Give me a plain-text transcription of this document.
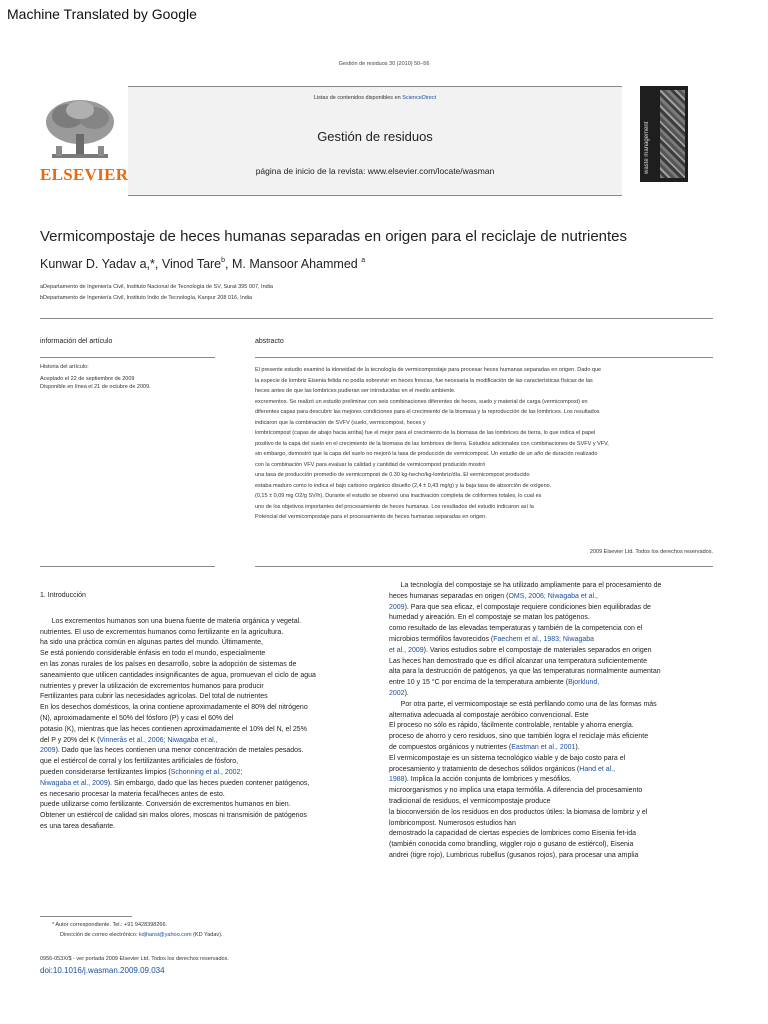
Machine Translated by Google
Gestión de residuos 30 (2010) 50–56
Listas de contenidos disponibles en ScienceDirect
Gestión de residuos
página de inicio de la revista: www.elsevier.com/locate/wasman
ELSEVIER
waste management
Vermicompostaje de heces humanas separadas en origen para el reciclaje de nutrientes
Kunwar D. Yadav a,*, Vinod Tare$^b$, M. Mansoor Ahammed $^a$
aDepartamento de Ingeniería Civil, Instituto Nacional de Tecnología de SV, Surat 395 007, India
bDepartamento de Ingeniería Civil, Instituto Indio de Tecnología, Kanpur 208 016, India
información del artículo	abstracto
Historia del artículo:
Aceptado el 22 de septiembre de 2009
Disponible en línea el 21 de octubre de 2009.
El presente estudio examinó la idoneidad de la tecnología de vermicompostaje para procesar heces humanas separadas en origen. Dado que
la especie de lombriz Eisenia fetida no podía sobrevivir en heces frescas, fue necesaria la modificación de las características físicas de las
heces antes de que las lombrices pudieran ser introducidas en el medio ambiente.
excrementos. Se realizó un estudio preliminar con seis combinaciones diferentes de heces, suelo y material de carga (vermicompost) en
diferentes capas para descubrir las mejores condiciones para el crecimiento de la biomasa y la reproducción de las lombrices. Los resultados
indicaron que la combinación de SVFV (suelo, vermicompost, heces y
lombricompost (capas de abajo hacia arriba) fue el mejor para el crecimiento de la biomasa de las lombrices de tierra, lo que indica el papel
positivo de la capa del suelo en el crecimiento de la biomasa de las lombrices de tierra. Estudios adicionales con combinaciones de SVFV y VFV,
sin embargo, demostró que la capa del suelo no mejoró la tasa de producción de vermicompost. Un estudio de un año de duración realizado
con la combinación VFV para evaluar la calidad y cantidad de vermicompost producido mostró
una tasa de producción promedio de vermicompost de 0.30 kg-hecho/kg-lombriz/día. El vermicompost producido
estaba maduro como lo indica el bajo carbono orgánico disuelto (2,4 ± 0,43 mg/g) y la baja tasa de absorción de oxígeno.
(0,15 ± 0,09 mg O2/g SV/h). Durante el estudio se observó una inactivación completa de coliformes totales, lo cual es
uno de los objetivos importantes del procesamiento de heces humanas. Los resultados del estudio indicaron así la
Potencial del vermicompostaje para el procesamiento de heces humanas separadas en origen.
2009 Elsevier Ltd. Todos los derechos reservados.
1. Introducción

Los excrementos humanos son una buena fuente de materia orgánica y vegetal.
nutrientes. El uso de excrementos humanos como fertilizante en la agricultura.
ha sido una práctica común en algunas partes del mundo. Últimamente,
Se está poniendo considerable énfasis en todo el mundo, especialmente
en las zonas rurales de los países en desarrollo, sobre la adopción de sistemas de
saneamiento que utilicen cantidades insignificantes de agua, promuevan el ciclo de agua
nutrientes y prever la utilización de excrementos humanos para producir
Fertilizantes para cubrir las necesidades agrícolas. Del total de nutrientes
En los desechos domésticos, la orina contiene aproximadamente el 80% del nitrógeno
(N), aproximadamente el 50% del fósforo (P) y casi el 60% del
potasio (K), mientras que las heces contienen aproximadamente el 10% del N, el 25%
del P y 20% del K (Vinnerås et al., 2006; Niwagaba et al.,
2009). Dado que las heces contienen una menor concentración de metales pesados.
que el estiércol de corral y los fertilizantes artificiales de fósforo,
pueden considerarse fertilizantes limpios (Schonning et al., 2002;
Niwagaba et al., 2009). Sin embargo, dado que las heces pueden contener patógenos,
es necesario procesar la materia fecal/heces antes de esto.
puede utilizarse como fertilizante. Conversión de excrementos humanos en bien.
Obtener un estiércol de calidad sin malos olores, moscas ni transmisión de patógenos
es una tarea desafiante.
La tecnología del compostaje se ha utilizado ampliamente para el procesamiento de
heces humanas separadas en origen (OMS, 2006; Niwagaba et al.,
2009). Para que sea eficaz, el compostaje requiere condiciones bien equilibradas de
humedad y aireación. En el compostaje se matan los patógenos.
como resultado de las elevadas temperaturas y también de la competencia con el
microbios termófilos favorecidos (Faechem et al., 1983; Niwagaba
et al., 2009). Varios estudios sobre el compostaje de materiales separados en origen
Las heces han demostrado que es difícil alcanzar una temperatura suficientemente
alta para la destrucción de patógenos, ya que las temperaturas normalmente aumentan
entre 10 y 15 °C por encima de la temperatura ambiente (Bjorklund,
2002).
Por otra parte, el vermicompostaje se está perfilando como una de las formas más
alternativa adecuada al compostaje aeróbico convencional. Este
El proceso no sólo es rápido, fácilmente controlable, rentable y ahorra energía.
proceso de ahorro y cero residuos, sino que también logra el reciclaje más eficiente
de compuestos orgánicos y nutrientes (Eastman et al., 2001).
El vermicompostaje es un sistema tecnológico viable y de bajo costo para el
procesamiento y tratamiento de desechos sólidos orgánicos (Hand et al.,
1988). Implica la acción conjunta de lombrices y mesófilos.
microorganismos y no implica una etapa termófila. A diferencia del procesamiento
tradicional de residuos, el vermicompostaje produce
la bioconversión de los residuos en dos productos útiles: la biomasa de lombriz y el
lombricompost. Numerosos estudios han
demostrado la capacidad de ciertas especies de lombrices como Eisenia fet-ida
(también conocida como brandling, wiggler rojo o gusano de estiércol), Eisenia
andrei (tigre rojo), Lumbricus rubellus (gusanos rojos), para procesar una amplia
* Autor correspondiente. Tel.: +91 9428398266.
Dirección de correo electrónico: kdjhansi@yahoo.com (KD Yadav).
0956-053X/$ - ver portada 2009 Elsevier Ltd. Todos los derechos reservados.
doi:10.1016/j.wasman.2009.09.034
